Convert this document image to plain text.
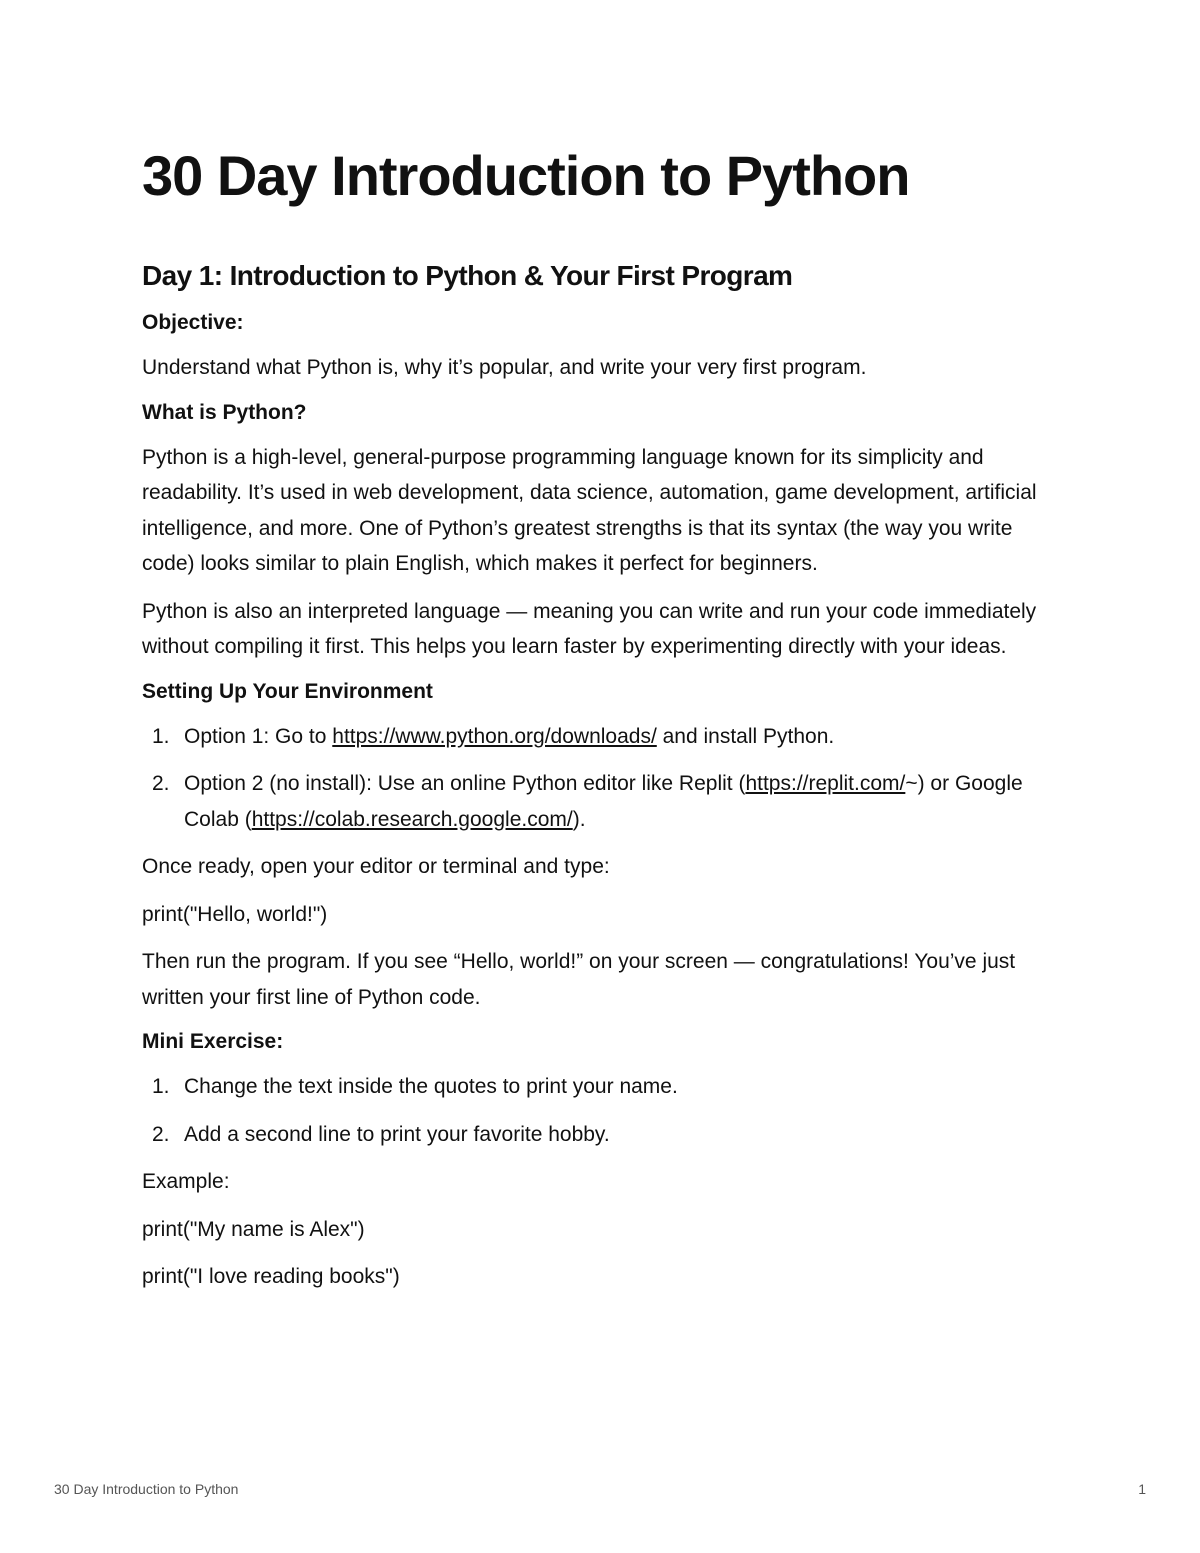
30 Day Introduction to Python
Day 1: Introduction to Python & Your First Program
Objective:
Understand what Python is, why it’s popular, and write your very first program.
What is Python?
Python is a high-level, general-purpose programming language known for its simplicity and readability. It’s used in web development, data science, automation, game development, artificial intelligence, and more. One of Python’s greatest strengths is that its syntax (the way you write code) looks similar to plain English, which makes it perfect for beginners.
Python is also an interpreted language — meaning you can write and run your code immediately without compiling it first. This helps you learn faster by experimenting directly with your ideas.
Setting Up Your Environment
1. Option 1: Go to https://www.python.org/downloads/ and install Python.
2. Option 2 (no install): Use an online Python editor like Replit (https://replit.com/~) or Google Colab (https://colab.research.google.com/).
Once ready, open your editor or terminal and type:
print("Hello, world!")
Then run the program. If you see “Hello, world!” on your screen — congratulations! You’ve just written your first line of Python code.
Mini Exercise:
1. Change the text inside the quotes to print your name.
2. Add a second line to print your favorite hobby.
Example:
print("My name is Alex")
print("I love reading books")
30 Day Introduction to Python	1
